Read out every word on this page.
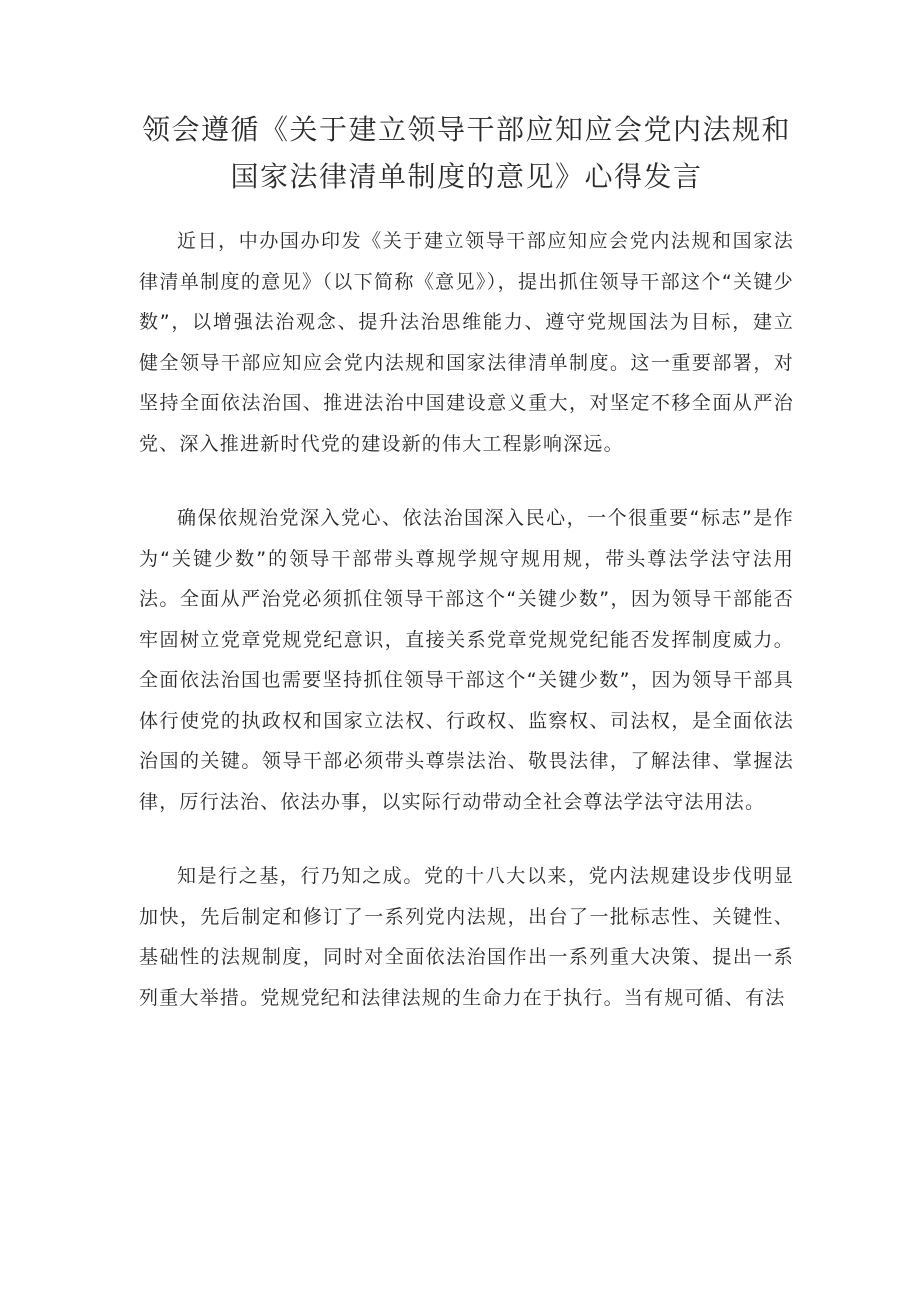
领会遵循《关于建立领导干部应知应会党内法规和
国家法律清单制度的意见》心得发言

近日，中办国办印发《关于建立领导干部应知应会党内法规和国家法律清单制度的意见》（以下简称《意见》），提出抓住领导干部这个“关键少数”，以增强法治观念、提升法治思维能力、遵守党规国法为目标，建立健全领导干部应知应会党内法规和国家法律清单制度。这一重要部署，对坚持全面依法治国、推进法治中国建设意义重大，对坚定不移全面从严治党、深入推进新时代党的建设新的伟大工程影响深远。

确保依规治党深入党心、依法治国深入民心，一个很重要“标志”是作为“关键少数”的领导干部带头尊规学规守规用规，带头尊法学法守法用法。全面从严治党必须抓住领导干部这个“关键少数”，因为领导干部能否牢固树立党章党规党纪意识，直接关系党章党规党纪能否发挥制度威力。全面依法治国也需要坚持抓住领导干部这个“关键少数”，因为领导干部具体行使党的执政权和国家立法权、行政权、监察权、司法权，是全面依法治国的关键。领导干部必须带头尊崇法治、敬畏法律，了解法律、掌握法律，厉行法治、依法办事，以实际行动带动全社会尊法学法守法用法。

知是行之基，行乃知之成。党的十八大以来，党内法规建设步伐明显加快，先后制定和修订了一系列党内法规，出台了一批标志性、关键性、基础性的法规制度，同时对全面依法治国作出一系列重大决策、提出一系列重大举措。党规党纪和法律法规的生命力在于执行。当有规可循、有法
